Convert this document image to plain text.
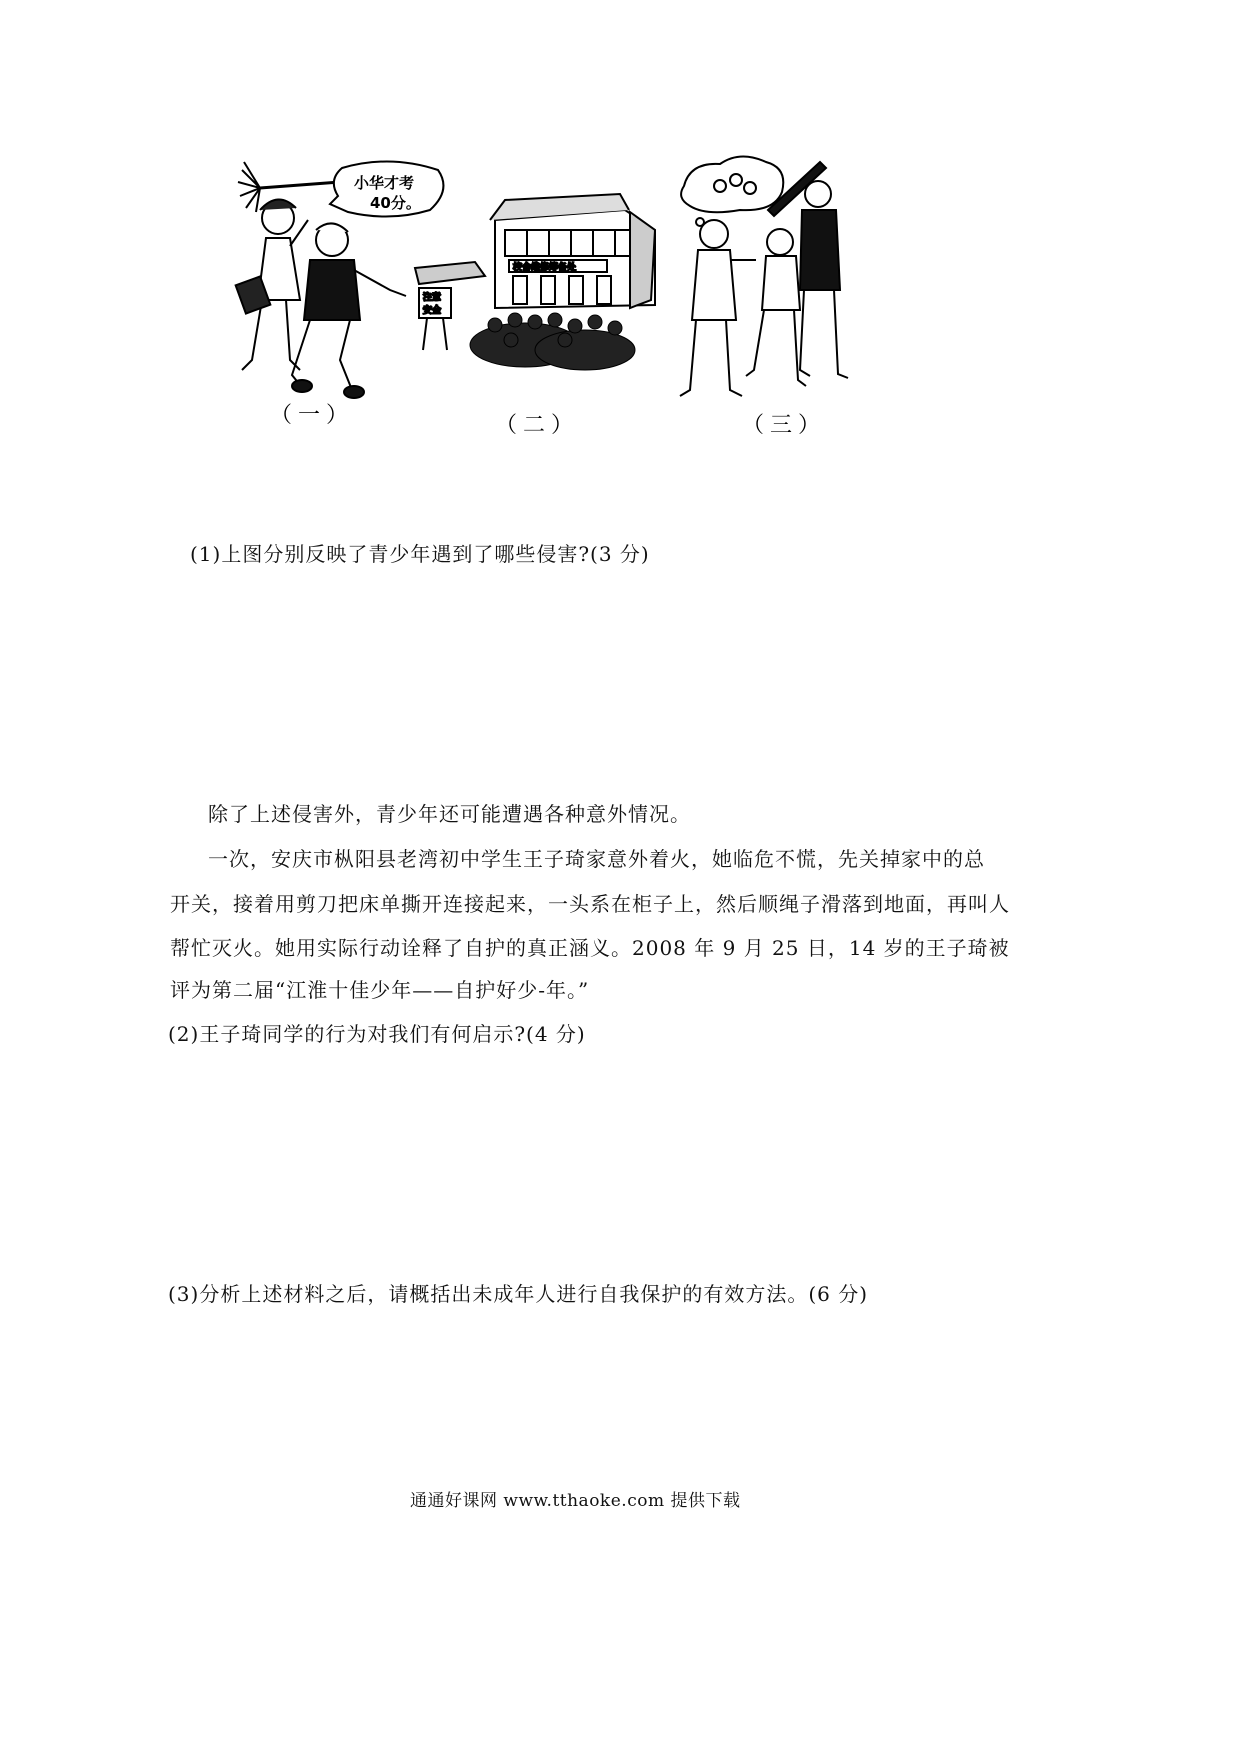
小华才考
40分。
（一）
校舍维修筹备处
注意
安全
（二）	（三）
(1)上图分别反映了青少年遇到了哪些侵害?(3 分)
除了上述侵害外，青少年还可能遭遇各种意外情况。
一次，安庆市枞阳县老湾初中学生王子琦家意外着火，她临危不慌，先关掉家中的总
开关，接着用剪刀把床单撕开连接起来，一头系在柜子上，然后顺绳子滑落到地面，再叫人
帮忙灭火。她用实际行动诠释了自护的真正涵义。2008 年 9 月 25 日，14 岁的王子琦被
评为第二届“江淮十佳少年——自护好少-年。”
(2)王子琦同学的行为对我们有何启示?(4 分)
(3)分析上述材料之后，请概括出未成年人进行自我保护的有效方法。(6 分)
通通好课网 www.tthaoke.com 提供下载
